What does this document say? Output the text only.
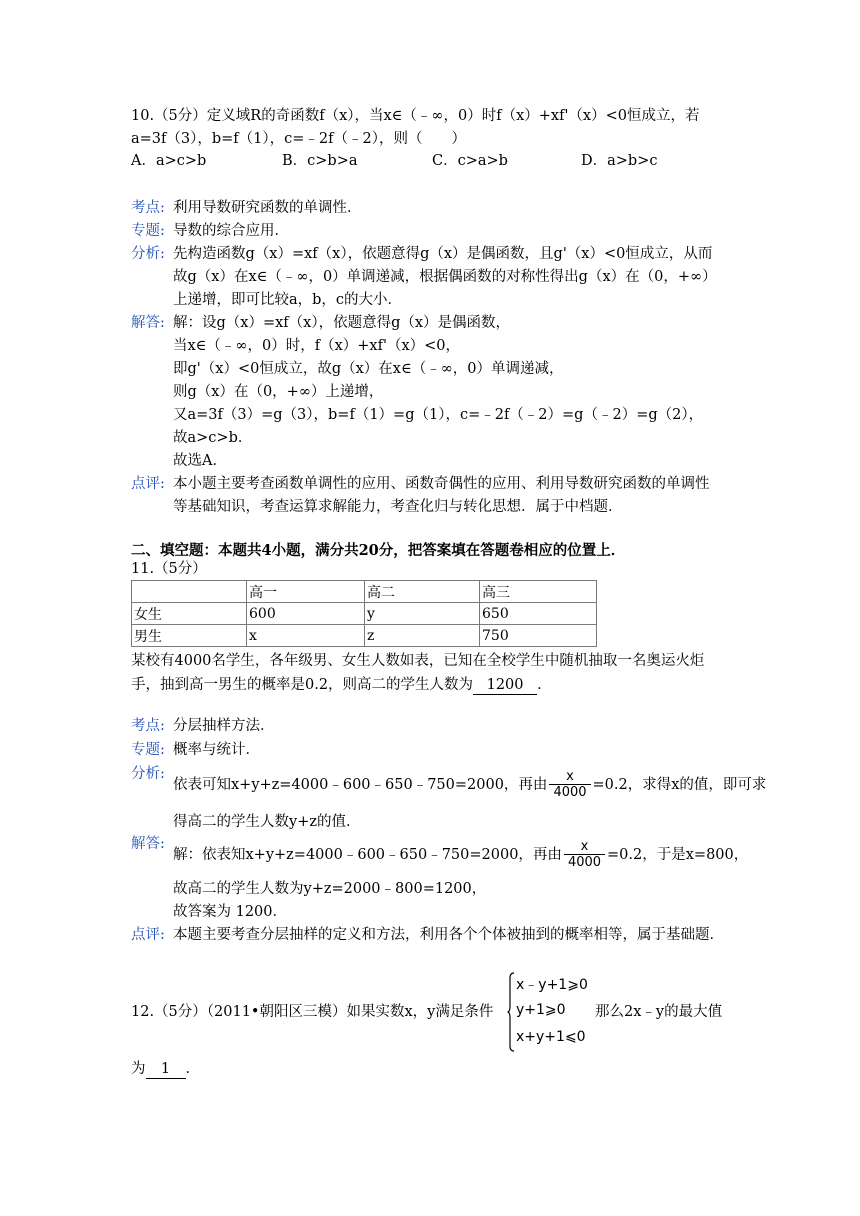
10.（5分）定义域R的奇函数f（x），当x∈（﹣∞，0）时f（x）+xf'（x）<0恒成立，若
a=3f（3），b=f（1），c=﹣2f（﹣2），则（　　）
A．a>c>b	B．c>b>a	C．c>a>b	D．a>b>c
考点: 利用导数研究函数的单调性．
专题: 导数的综合应用．
分析: 先构造函数g（x）=xf（x），依题意得g（x）是偶函数，且g'（x）<0恒成立，从而
故g（x）在x∈（﹣∞，0）单调递减，根据偶函数的对称性得出g（x）在（0，+∞）
上递增，即可比较a，b，c的大小．
解答: 解：设g（x）=xf（x），依题意得g（x）是偶函数，
当x∈（﹣∞，0）时，f（x）+xf'（x）<0，
即g'（x）<0恒成立，故g（x）在x∈（﹣∞，0）单调递减，
则g（x）在（0，+∞）上递增，
又a=3f（3）=g（3），b=f（1）=g（1），c=﹣2f（﹣2）=g（﹣2）=g（2），
故a>c>b．
故选A．
点评: 本小题主要考查函数单调性的应用、函数奇偶性的应用、利用导数研究函数的单调性
等基础知识，考查运算求解能力，考查化归与转化思想．属于中档题．
二、填空题：本题共4小题，满分共20分，把答案填在答题卷相应的位置上．
11.（5分）
	高一	高二	高三
女生	600	y	650
男生	x	z	750
某校有4000名学生，各年级男、女生人数如表，已知在全校学生中随机抽取一名奥运火炬
手，抽到高一男生的概率是0.2，则高二的学生人数为 1200 ．
考点: 分层抽样方法．
专题: 概率与统计．
分析:
依表可知x+y+z=4000﹣600﹣650﹣750=2000，再由 $\frac{x}{4000} =0.2$，求得x的值，即可求
得高二的学生人数y+z的值．
解答:
解：依表知x+y+z=4000﹣600﹣650﹣750=2000，再由 $\frac{x}{4000} =0.2$，于是x=800，
故高二的学生人数为y+z=2000﹣800=1200，
故答案为 1200．
点评: 本题主要考查分层抽样的定义和方法，利用各个个体被抽到的概率相等，属于基础题．
12.（5分）（2011•朝阳区三模）如果实数x，y满足条件
x﹣y+1⩾0
y+1⩾0
x+y+1⩽0
那么2x﹣y的最大值
为 1 ．
